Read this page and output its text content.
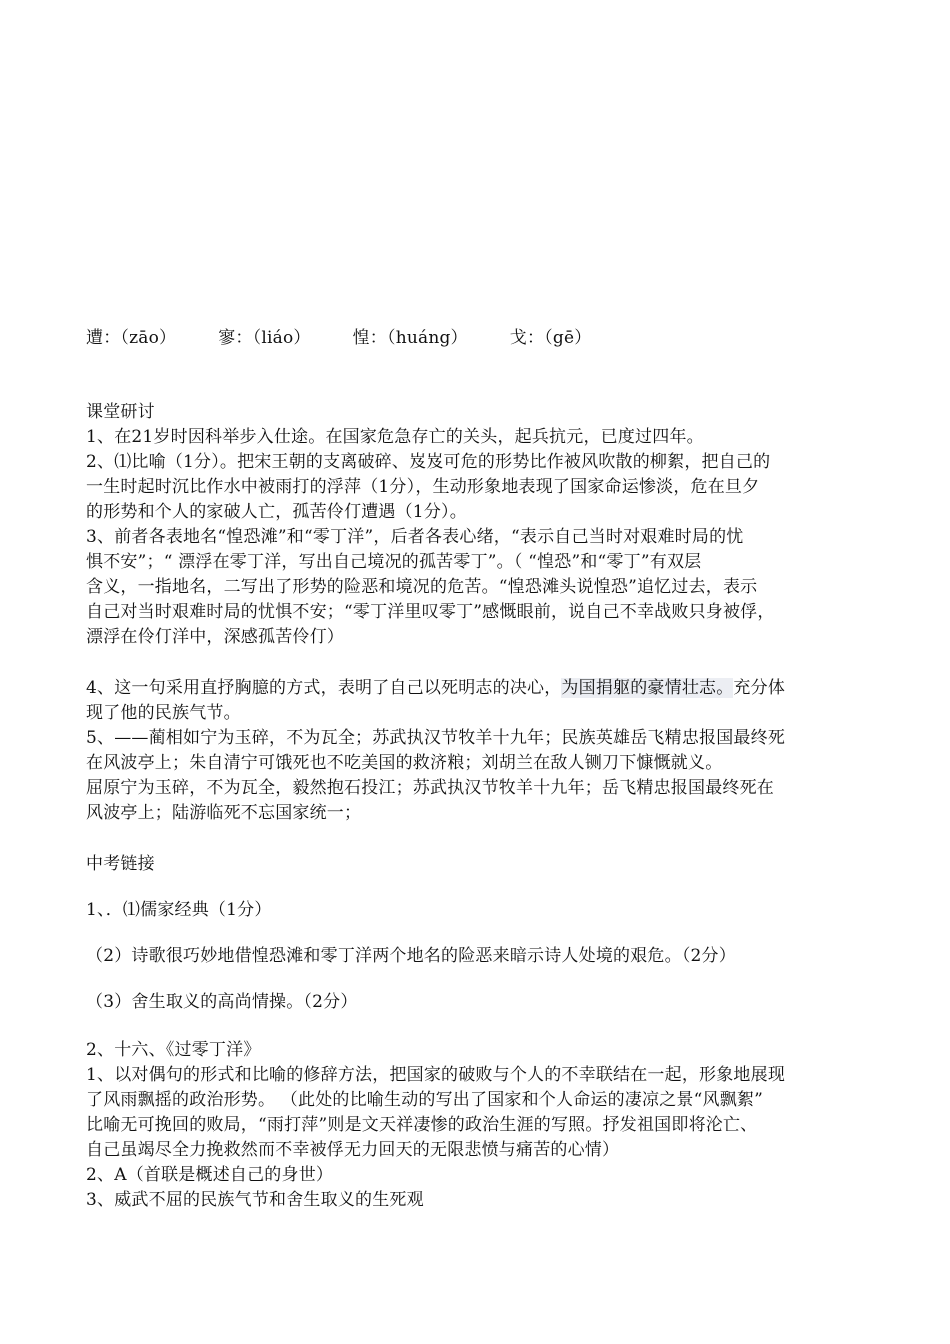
遭：（zāo） 寥：（liáo） 惶：（huáng） 戈：（gē）
课堂研讨
1、在21岁时因科举步入仕途。在国家危急存亡的关头，起兵抗元，已度过四年。
2、⑴比喻（1分）。把宋王朝的支离破碎、岌岌可危的形势比作被风吹散的柳絮，把自己的
一生时起时沉比作水中被雨打的浮萍（1分），生动形象地表现了国家命运惨淡，危在旦夕
的形势和个人的家破人亡，孤苦伶仃遭遇（1分）。
3、前者各表地名“惶恐滩”和“零丁洋”，后者各表心绪，“表示自己当时对艰难时局的忧
惧不安”；“ 漂浮在零丁洋，写出自己境况的孤苦零丁”。（ “惶恐”和“零丁”有双层
含义，一指地名，二写出了形势的险恶和境况的危苦。“惶恐滩头说惶恐”追忆过去，表示
自己对当时艰难时局的忧惧不安；“零丁洋里叹零丁”感慨眼前，说自己不幸战败只身被俘，
漂浮在伶仃洋中，深感孤苦伶仃）
4、这一句采用直抒胸臆的方式，表明了自己以死明志的决心，为国捐躯的豪情壮志。充分体
现了他的民族气节。
5、——蔺相如宁为玉碎，不为瓦全；苏武执汉节牧羊十九年；民族英雄岳飞精忠报国最终死
在风波亭上；朱自清宁可饿死也不吃美国的救济粮；刘胡兰在敌人铡刀下慷慨就义。
屈原宁为玉碎，不为瓦全，毅然抱石投江；苏武执汉节牧羊十九年；岳飞精忠报国最终死在
风波亭上；陆游临死不忘国家统一；
中考链接
1、．⑴儒家经典（1分）
（2）诗歌很巧妙地借惶恐滩和零丁洋两个地名的险恶来暗示诗人处境的艰危。（2分）
（3）舍生取义的高尚情操。（2分）
2、十六、《过零丁洋》
1、以对偶句的形式和比喻的修辞方法，把国家的破败与个人的不幸联结在一起，形象地展现
了风雨飘摇的政治形势。 （此处的比喻生动的写出了国家和个人命运的凄凉之景“风飘絮”
比喻无可挽回的败局，“雨打萍”则是文天祥凄惨的政治生涯的写照。抒发祖国即将沦亡、
自己虽竭尽全力挽救然而不幸被俘无力回天的无限悲愤与痛苦的心情）
2、A（首联是概述自己的身世）
3、威武不屈的民族气节和舍生取义的生死观
